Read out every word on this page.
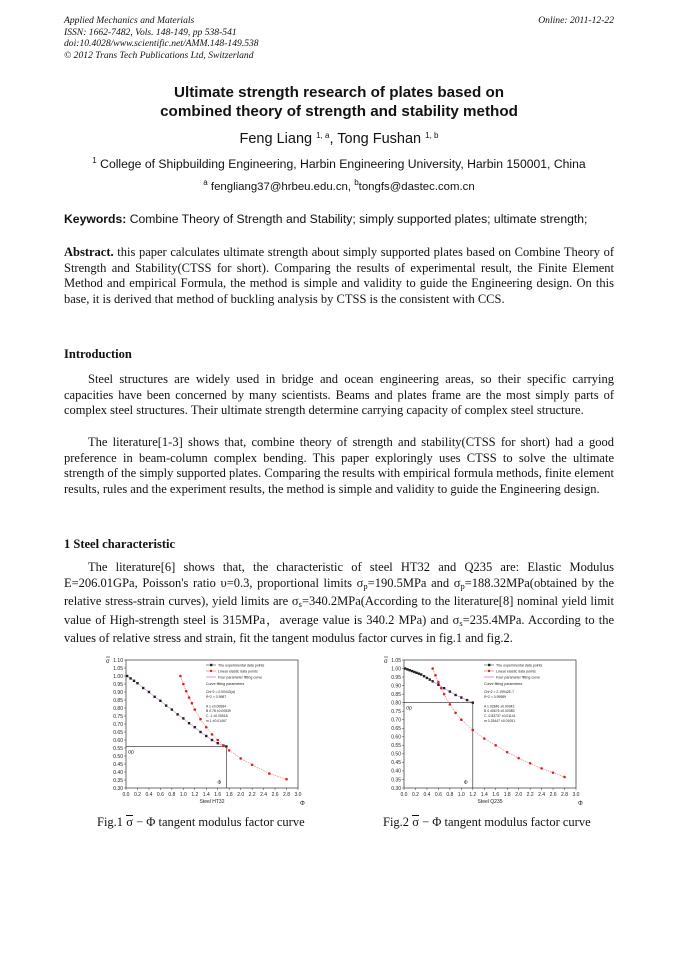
Applied Mechanics and Materials
ISSN: 1662-7482, Vols. 148-149, pp 538-541
doi:10.4028/www.scientific.net/AMM.148-149.538
© 2012 Trans Tech Publications Ltd, Switzerland
Online: 2011-12-22
Ultimate strength research of plates based on
combined theory of strength and stability method
Feng Liang $^{1, a}$, Tong Fushan $^{1, b}$
$^1$ College of Shipbuilding Engineering, Harbin Engineering University, Harbin 150001, China
$^a$ fengliang37@hrbeu.edu.cn, $^b$tongfs@dastec.com.cn
Keywords: Combine Theory of Strength and Stability; simply supported plates; ultimate strength;
Abstract. this paper calculates ultimate strength about simply supported plates based on Combine Theory of Strength and Stability(CTSS for short). Comparing the results of experimental result, the Finite Element Method and empirical Formula, the method is simple and validity to guide the Engineering design. On this base, it is derived that method of buckling analysis by CTSS is the consistent with CCS.
Introduction
Steel structures are widely used in bridge and ocean engineering areas, so their specific carrying capacities have been concerned by many scientists. Beams and plates frame are the most simply parts of complex steel structures. Their ultimate strength determine carrying capacity of complex steel structure.
The literature[1-3] shows that, combine theory of strength and stability(CTSS for short) had a good preference in beam-column complex bending. This paper exploringly uses CTSS to solve the ultimate strength of the simply supported plates. Comparing the results with empirical formula methods, finite element results, rules and the experiment results, the method is simple and validity to guide the Engineering design.
1 Steel characteristic
The literature[6] shows that, the characteristic of steel HT32 and Q235 are: Elastic Modulus E=206.01GPa, Poisson's ratio υ=0.3, proportional limits $\sigma_p=190.5MPa$ and $\sigma_p=188.32MPa(obtained$ by the relative stress-strain curves), yield limits are $\sigma_s=340.2MPa(According$ to the literature[8] nominal yield limit value of High-strength steel is 315MPa，average value is 340.2 MPa) and $\sigma_s=235.4MPa$. According to the values of relative stress and strain, fit the tangent modulus factor curves in fig.1 and fig.2.
1.10
1.05
1.00
0.95
0.90
0.85
0.80
0.75
0.70
0.65
0.60
0.55
0.50
0.45
0.40
0.35
0.30
0.0 0.2 0.4 0.6 0.8 1.0 1.2 1.4 1.6 1.8 2.0 2.2 2.4 2.6 2.8 3.0
Steel HT32	Φ
σ
σp
Φ
The experimental data points
Linear elastic data points
Four parameter fitting curve
Curve fitting parameters
Chi^2 = 0.00443(d)
R^2 = 0.9987
A 1 ±0.00684
B 0.78 ±0.00539
C -1 ±0.00518
m 1 ±0.01467
1.05
1.00
0.95
0.90
0.85
0.80
0.75
0.70
0.65
0.60
0.55
0.50
0.45
0.40
0.35
0.30
0.0 0.2 0.4 0.6 0.8 1.0 1.2 1.4 1.6 1.8 2.0 2.2 2.4 2.6 2.8 3.0
Steel Q235	Φ
σ
σp
Φ
The experimental data points
Linear elastic data points
Four parameter fitting curve
Curve fitting parameters
Chi^2 = 2.19942E-7
R^2 = 0.99989
A 1.02846 ±0.00343
B 0.40676 ±0.00383
C -0.83737 ±0.01141
m 0.25447 ±0.01051
Fig.1 σ − Φ tangent modulus factor curve	Fig.2 σ − Φ tangent modulus factor curve
